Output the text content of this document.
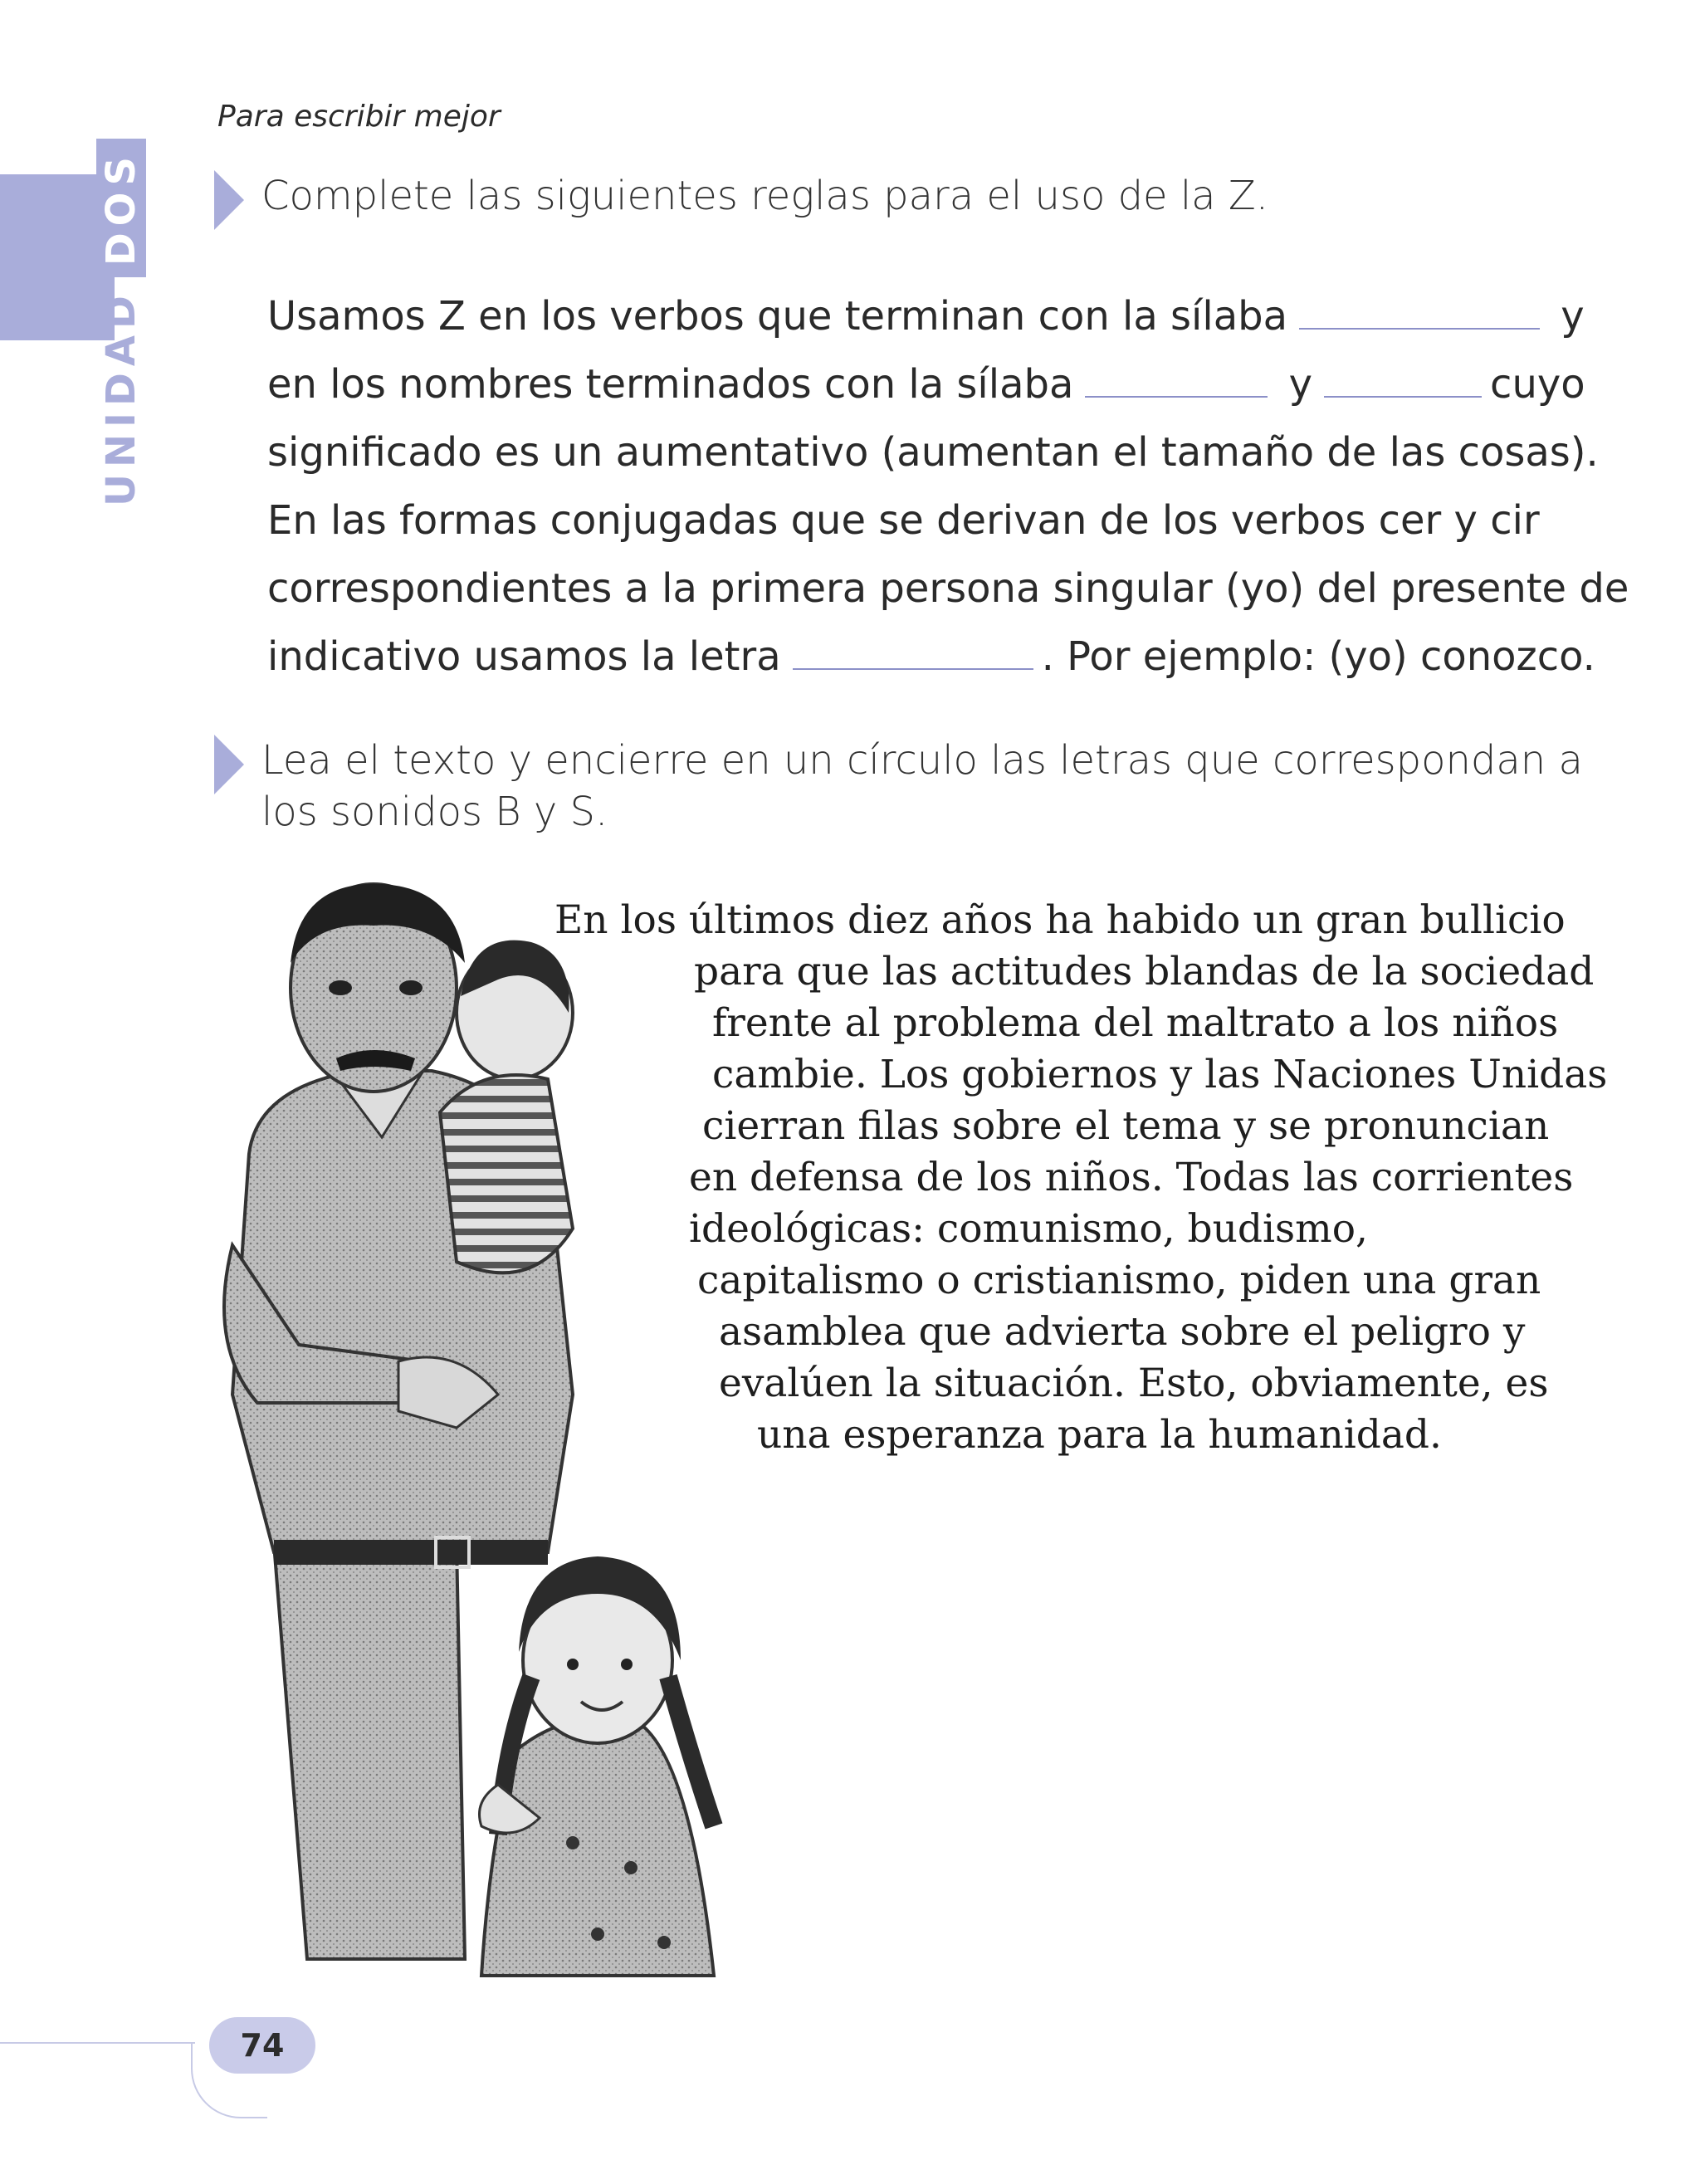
Para escribir mejor
UNIDADDOS	Complete las siguientes reglas para el uso de la Z.
Usamos Z en los verbos que terminan con la sílaba	y
en los nombres terminados con la sílaba	y	cuyo
significado es un aumentativo (aumentan el tamaño de las cosas).
En las formas conjugadas que se derivan de los verbos cer y cir
correspondientes a la primera persona singular (yo) del presente de
indicativo usamos la letra	. Por ejemplo: (yo) conozco.
Lea el texto y encierre en un círculo las letras que correspondan a
los sonidos B y S.
En los últimos diez años ha habido un gran bullicio
para que las actitudes blandas de la sociedad
frente al problema del maltrato a los niños
cambie. Los gobiernos y las Naciones Unidas
cierran filas sobre el tema y se pronuncian
en defensa de los niños. Todas las corrientes
ideológicas: comunismo, budismo,
capitalismo o cristianismo, piden una gran
asamblea que advierta sobre el peligro y
evalúen la situación. Esto, obviamente, es
una esperanza para la humanidad.
74
